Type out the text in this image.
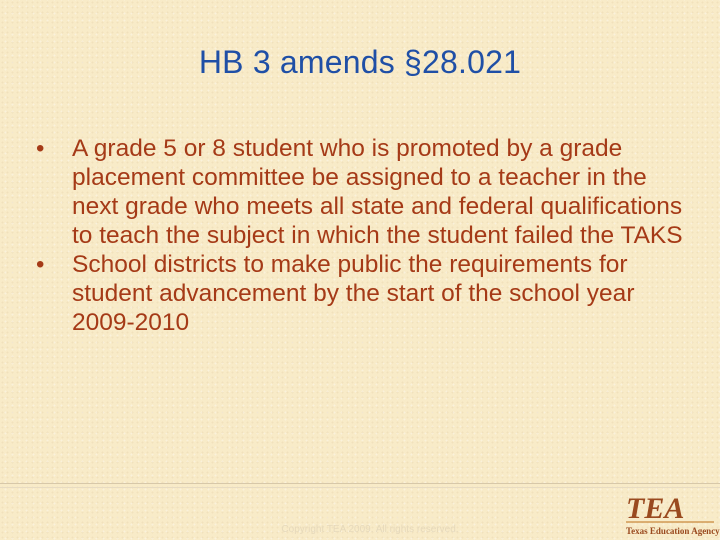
HB 3 amends §28.021
•	A grade 5 or 8 student who is promoted by a grade placement committee be assigned to a teacher in the next grade who meets all state and federal qualifications to teach the subject in which the student failed the TAKS
•	School districts to make public the requirements for student advancement by the start of the school year 2009-2010
Copyright TEA 2009. All rights reserved.
TEA
Texas Education Agency
